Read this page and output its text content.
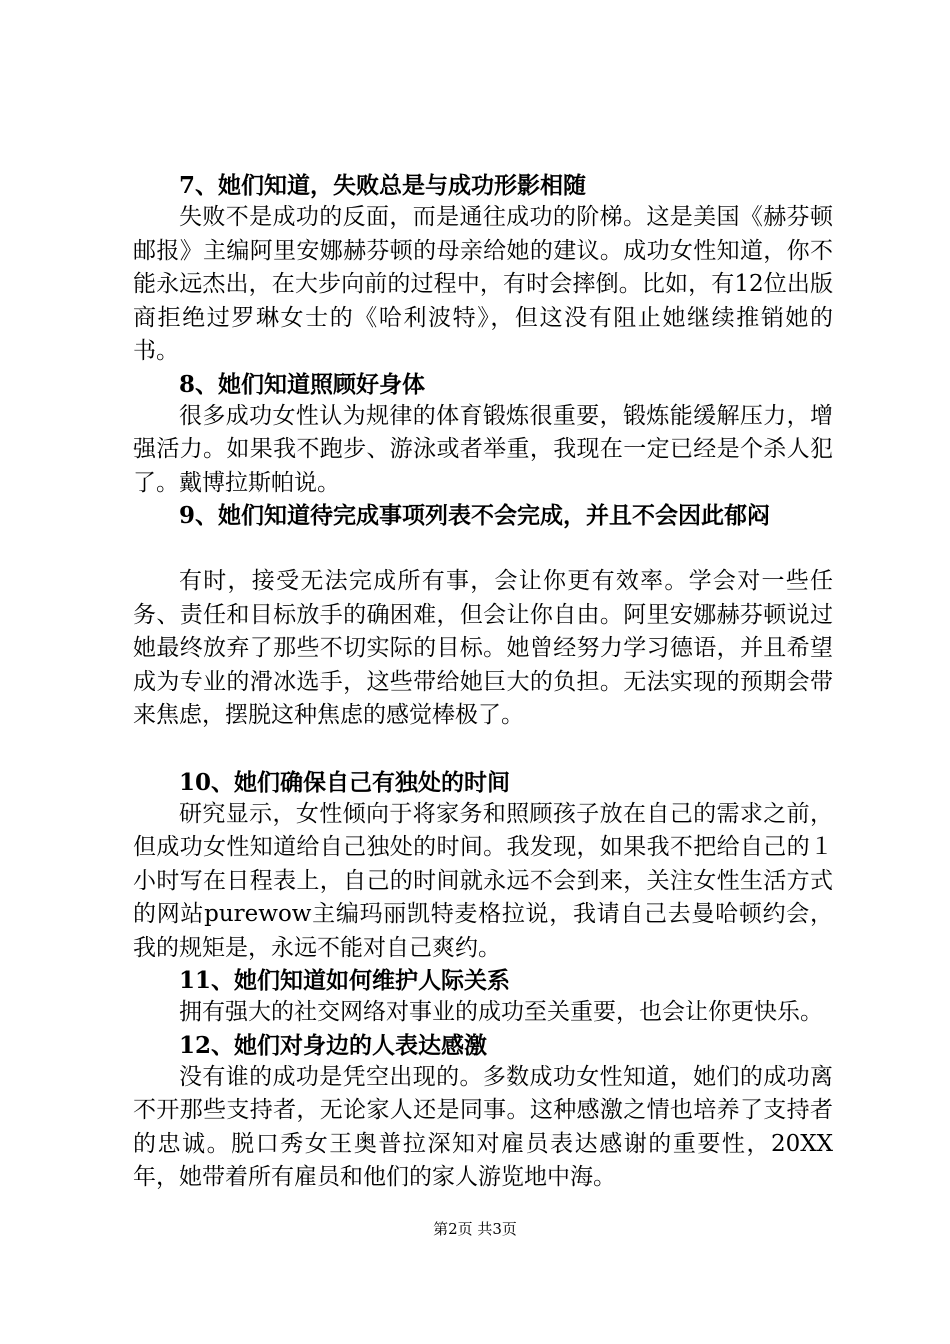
7、她们知道，失败总是与成功形影相随

失败不是成功的反面，而是通往成功的阶梯。这是美国《赫芬顿邮报》主编阿里安娜赫芬顿的母亲给她的建议。成功女性知道，你不能永远杰出，在大步向前的过程中，有时会摔倒。比如，有12位出版商拒绝过罗琳女士的《哈利波特》，但这没有阻止她继续推销她的书。

8、她们知道照顾好身体

很多成功女性认为规律的体育锻炼很重要，锻炼能缓解压力，增强活力。如果我不跑步、游泳或者举重，我现在一定已经是个杀人犯了。戴博拉斯帕说。

9、她们知道待完成事项列表不会完成，并且不会因此郁闷

有时，接受无法完成所有事，会让你更有效率。学会对一些任务、责任和目标放手的确困难，但会让你自由。阿里安娜赫芬顿说过她最终放弃了那些不切实际的目标。她曾经努力学习德语，并且希望成为专业的滑冰选手，这些带给她巨大的负担。无法实现的预期会带来焦虑，摆脱这种焦虑的感觉棒极了。

10、她们确保自己有独处的时间

研究显示，女性倾向于将家务和照顾孩子放在自己的需求之前，但成功女性知道给自己独处的时间。我发现，如果我不把给自己的１小时写在日程表上，自己的时间就永远不会到来，关注女性生活方式的网站purewow主编玛丽凯特麦格拉说，我请自己去曼哈顿约会，我的规矩是，永远不能对自己爽约。

11、她们知道如何维护人际关系

拥有强大的社交网络对事业的成功至关重要，也会让你更快乐。

12、她们对身边的人表达感激

没有谁的成功是凭空出现的。多数成功女性知道，她们的成功离不开那些支持者，无论家人还是同事。这种感激之情也培养了支持者的忠诚。脱口秀女王奥普拉深知对雇员表达感谢的重要性，20XX年，她带着所有雇员和他们的家人游览地中海。

第2页 共3页
